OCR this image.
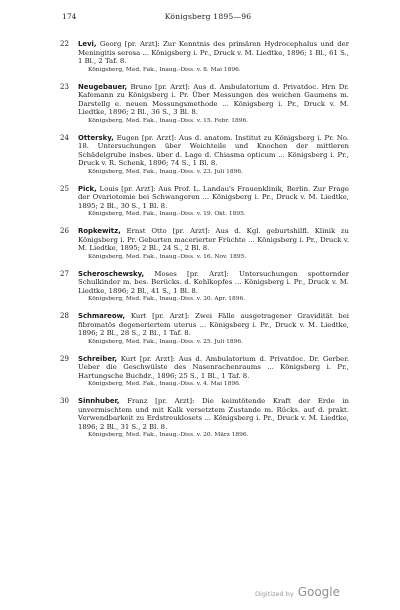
174	Königsberg 1895—96
22	Levi, Georg [pr. Arzt]: Zur Kenntnis des primären Hydrocephalus und der Meningitis serosa ... Königsberg i. Pr., Druck v. M. Liedtke, 1896; 1 Bl., 61 S., 1 Bl., 2 Taf. 8.
Königsberg, Med. Fak., Inaug.-Diss. v. 8. Mai 1896.
23	Neugebauer, Bruno [pr. Arzt]: Aus d. Ambulatorium d. Privatdoc. Hrn Dr. Kafemann zu Königsberg i. Pr. Über Messungen des weichen Gaumens m. Darstellg e. neuen Messungsmethode ... Königsberg i. Pr., Druck v. M. Liedtke, 1896; 2 Bl., 36 S., 3 Bl. 8.
Königsberg, Med. Fak., Inaug.-Diss. v. 15. Febr. 1896.
24	Ottersky, Eugen [pr. Arzt]: Aus d. anatom. Institut zu Königsberg i. Pr. No. 18. Untersuchungen über Weichteile und Knochen der mittleren Schädelgrube insbes. über d. Lage d. Chiasma opticum ... Königsberg i. Pr., Druck v. R. Schenk, 1896; 74 S., 1 Bl. 8.
Königsberg, Med. Fak., Inaug.-Diss. v. 23. Juli 1896.
25	Pick, Louis [pr. Arzt]: Aus Prof. L. Landau's Frauenklinik, Berlin. Zur Frage der Ovariotomie bei Schwangeren ... Königsberg i. Pr., Druck v. M. Liedtke, 1895; 2 Bl., 30 S., 1 Bl. 8.
Königsberg, Med. Fak., Inaug.-Diss. v. 19. Okt. 1895.
26	Ropkewitz, Ernst Otto [pr. Arzt]: Aus d. Kgl. geburtshilfl. Klinik zu Königsberg i. Pr. Geburten macerierter Früchte ... Königsberg i. Pr., Druck v. M. Liedtke, 1895; 2 Bl., 24 S., 2 Bl. 8.
Königsberg, Med. Fak., Inaug.-Diss. v. 16. Nov. 1895.
27	Scheroschewsky, Moses [pr. Arzt]: Untersuchungen spotternder Schulkinder m. bes. Berücks. d. Kehlkopfes ... Königsberg i. Pr., Druck v. M. Liedtke, 1896; 2 Bl., 41 S., 1 Bl. 8.
Königsberg, Med. Fak., Inaug.-Diss. v. 30. Apr. 1896.
28	Schmareow, Kurt [pr. Arzt]: Zwei Fälle ausgetragener Gravidität bei fibromatös degeneriertem uterus ... Königsberg i. Pr., Druck v. M. Liedtke, 1896; 2 Bl., 28 S., 2 Bl., 1 Taf. 8.
Königsberg, Med. Fak., Inaug.-Diss. v. 25. Juli 1896.
29	Schreiber, Kurt [pr. Arzt]: Aus d. Ambulatorium d. Privatdoc. Dr. Gerber. Ueber die Geschwülste des Nasenrachenraums ... Königsberg i. Pr., Hartungsche Buchdr., 1896; 25 S., 1 Bl., 1 Taf. 8.
Königsberg, Med. Fak., Inaug.-Diss. v. 4. Mai 1896.
30	Sinnhuber, Franz [pr. Arzt]: Die keimtötende Kraft der Erde in unvermischtem und mit Kalk versetztem Zustande m. Rücks. auf d. prakt. Verwendbarkeit zu Erdstreuklosets ... Königsberg i. Pr., Druck v. M. Liedtke, 1896; 2 Bl., 31 S., 2 Bl. 8.
Königsberg, Med. Fak., Inaug.-Diss. v. 20. März 1896.
Digitized by Google
